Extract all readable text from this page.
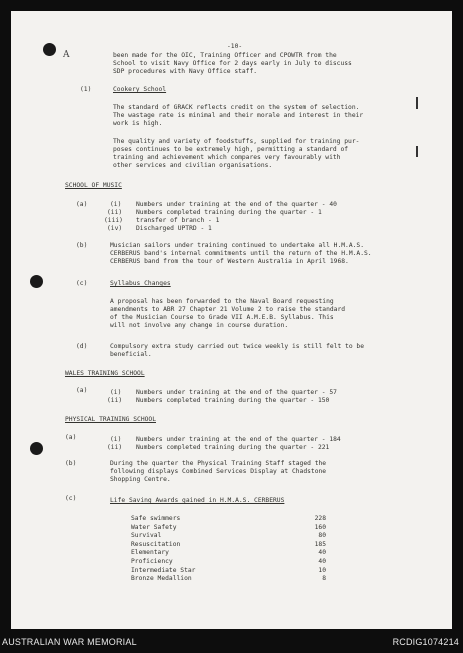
A
-10-
been made for the OIC, Training Officer and CPOWTR from the
School to visit Navy Office for 2 days early in July to discuss
SDP procedures with Navy Office staff.
(1)	Cookery School
The standard of GRACK reflects credit on the system of selection.
The wastage rate is minimal and their morale and interest in their
work is high.
The quality and variety of foodstuffs, supplied for training pur-
poses continues to be extremely high, permitting a standard of
training and achievement which compares very favourably with
other services and civilian organisations.
SCHOOL OF MUSIC
(a)	(i) Numbers under training at the end of the quarter - 40
(ii) Numbers completed training during the quarter - 1
(iii) transfer of branch - 1
(iv) Discharged UPTRD - 1
(b)	Musician sailors under training continued to undertake all H.M.A.S.
CERBERUS band's internal commitments until the return of the H.M.A.S.
CERBERUS band from the tour of Western Australia in April 1968.
(c)	Syllabus Changes
A proposal has been forwarded to the Naval Board requesting
amendments to ABR 27 Chapter 21 Volume 2 to raise the standard
of the Musician Course to Grade VII A.M.E.B. Syllabus. This
will not involve any change in course duration.
(d)	Compulsory extra study carried out twice weekly is still felt to be
beneficial.
WALES TRAINING SCHOOL
(a)	(i) Numbers under training at the end of the quarter - 57
(ii) Numbers completed training during the quarter - 150
PHYSICAL TRAINING SCHOOL
(a)	(i) Numbers under training at the end of the quarter - 184
(ii) Numbers completed training during the quarter - 221
(b)	During the quarter the Physical Training Staff staged the
following displays Combined Services Display at Chadstone
Shopping Centre.
(c)	Life Saving Awards gained in H.M.A.S. CERBERUS
Safe swimmers	228
Water Safety	160
Survival	80
Resuscitation	185
Elementary	40
Proficiency	40
Intermediate Star	10
Bronze Medallion	8
AUSTRALIAN WAR MEMORIAL	RCDIG1074214
